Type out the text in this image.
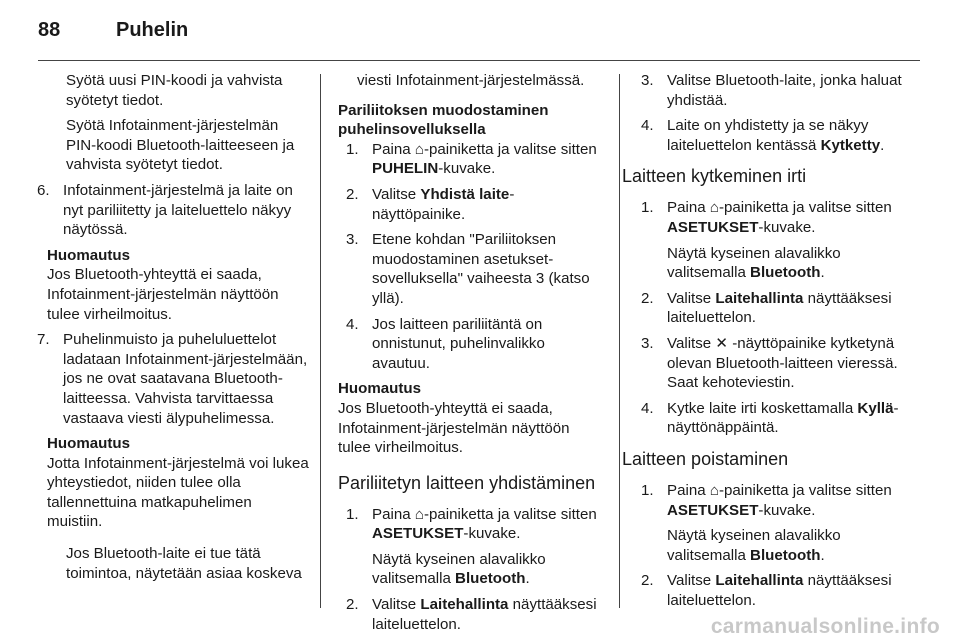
88	Puhelin

Syötä uusi PIN-koodi ja vahvista syötetyt tiedot.

Syötä Infotainment-järjestelmän PIN-koodi Bluetooth-laitteeseen ja vahvista syötetyt tiedot.

6. Infotainment-järjestelmä ja laite on nyt pariliitetty ja laiteluettelo näkyy näytössä.

Huomautus

Jos Bluetooth-yhteyttä ei saada, Infotainment-järjestelmän näyttöön tulee virheilmoitus.

7. Puhelinmuisto ja puheluluettelot ladataan Infotainment-järjestelmään, jos ne ovat saatavana Bluetooth-laitteessa. Vahvista tarvittaessa vastaava viesti älypuhelimessa.

Huomautus

Jotta Infotainment-järjestelmä voi lukea yhteystiedot, niiden tulee olla tallennettuina matkapuhelimen muistiin.

Jos Bluetooth-laite ei tue tätä toimintoa, näytetään asiaa koskeva

viesti Infotainment-järjestelmässä.

Pariliitoksen muodostaminen puhelinsovelluksella

1. Paina ⌂-painiketta ja valitse sitten PUHELIN-kuvake.
2. Valitse Yhdistä laite-näyttöpainike.
3. Etene kohdan "Pariliitoksen muodostaminen asetukset-sovelluksella" vaiheesta 3 (katso yllä).
4. Jos laitteen pariliitäntä on onnistunut, puhelinvalikko avautuu.

Huomautus

Jos Bluetooth-yhteyttä ei saada, Infotainment-järjestelmän näyttöön tulee virheilmoitus.

Pariliitetyn laitteen yhdistäminen

1. Paina ⌂-painiketta ja valitse sitten ASETUKSET-kuvake.

Näytä kyseinen alavalikko valitsemalla Bluetooth.

2. Valitse Laitehallinta näyttääksesi laiteluettelon.
3. Valitse Bluetooth-laite, jonka haluat yhdistää.
4. Laite on yhdistetty ja se näkyy laiteluettelon kentässä Kytketty.

Laitteen kytkeminen irti

1. Paina ⌂-painiketta ja valitse sitten ASETUKSET-kuvake.

Näytä kyseinen alavalikko valitsemalla Bluetooth.

2. Valitse Laitehallinta näyttääksesi laiteluettelon.
3. Valitse ✕ -näyttöpainike kytketynä olevan Bluetooth-laitteen vieressä. Saat kehoteviestin.
4. Kytke laite irti koskettamalla Kyllä-näyttönäppäintä.

Laitteen poistaminen

1. Paina ⌂-painiketta ja valitse sitten ASETUKSET-kuvake.

Näytä kyseinen alavalikko valitsemalla Bluetooth.

2. Valitse Laitehallinta näyttääksesi laiteluettelon.
carmanualsonline.info
